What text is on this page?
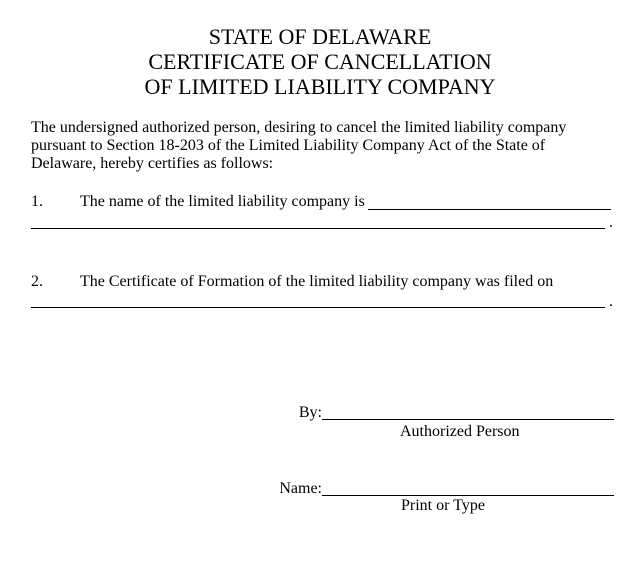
STATE OF DELAWARE
CERTIFICATE OF CANCELLATION
OF LIMITED LIABILITY COMPANY
The undersigned authorized person, desiring to cancel the limited liability company
pursuant to Section 18-203 of the Limited Liability Company Act of the State of
Delaware, hereby certifies as follows:
1. The name of the limited liability company is
.
2. The Certificate of Formation of the limited liability company was filed on
.
By:
Authorized Person
Name:
Print or Type
